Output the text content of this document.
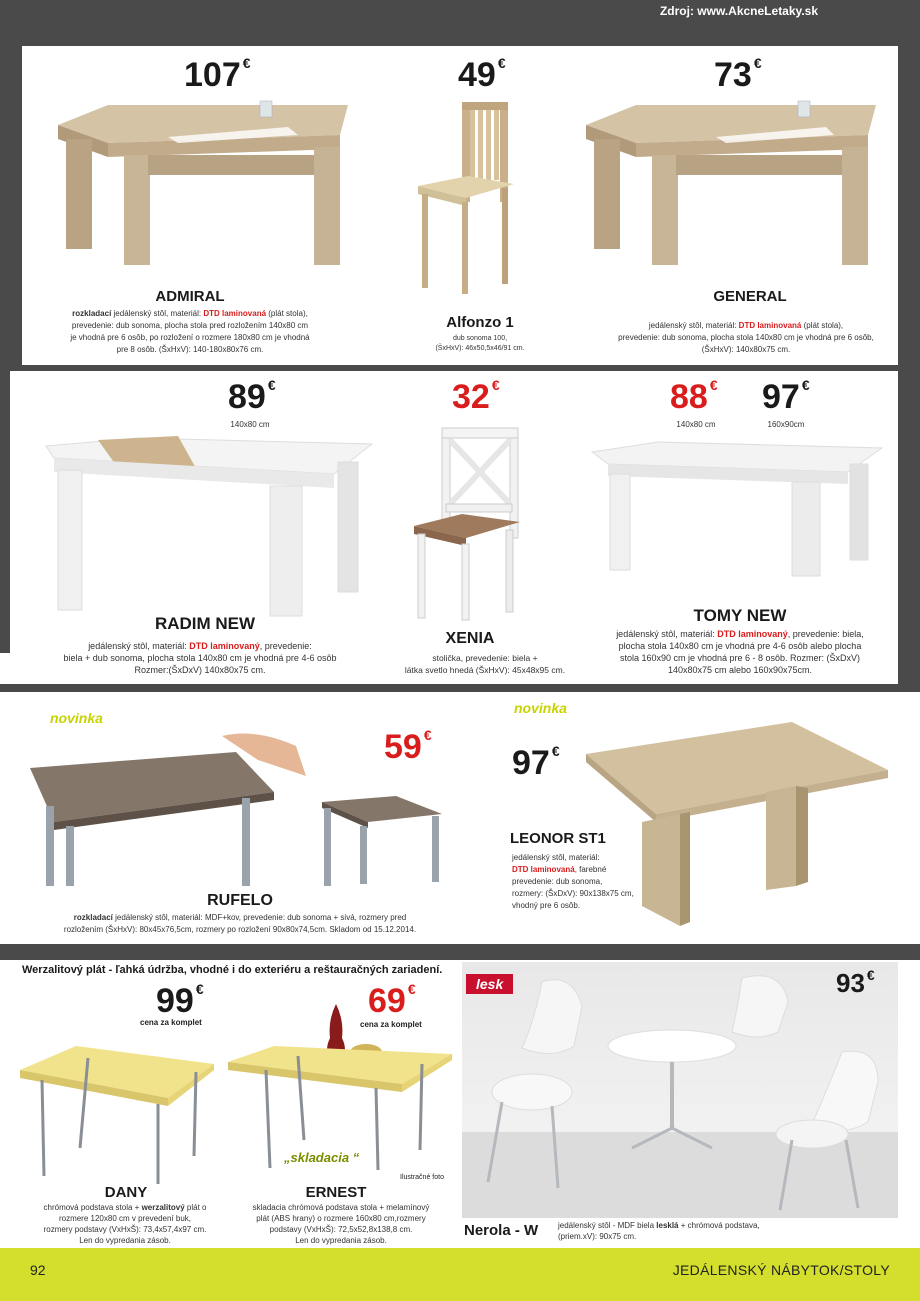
Zdroj: www.AkcneLetaky.sk
107 €
ADMIRAL
rozkladací jedálenský stôl, materiál: DTD laminovaná (plát stola),
prevedenie: dub sonoma, plocha stola pred rozložením 140x80 cm
je vhodná pre 6 osôb, po rozložení o rozmere 180x80 cm je vhodná
pre 8 osôb. (ŠxHxV): 140-180x80x76 cm.
49 €
Alfonzo 1
dub sonoma 100,
(ŠxHxV): 46x50,5x46/91 cm.
73 €
GENERAL
jedálenský stôl, materiál: DTD laminovaná (plát stola),
prevedenie: dub sonoma, plocha stola 140x80 cm je vhodná pre 6 osôb,
(ŠxHxV): 140x80x75 cm.
89 €
140x80 cm
RADIM NEW
jedálenský stôl, materiál: DTD laminovaný, prevedenie:
biela + dub sonoma, plocha stola 140x80 cm je vhodná pre 4-6 osôb
Rozmer:(ŠxDxV) 140x80x75 cm.
32 €
XENIA
stolička, prevedenie: biela +
látka svetlo hnedá (ŠxHxV): 45x48x95 cm.
88 €
140x80 cm
97 €
160x90cm
TOMY NEW
jedálenský stôl, materiál: DTD laminovaný, prevedenie: biela,
plocha stola 140x80 cm je vhodná pre 4-6 osôb alebo plocha
stola 160x90 cm je vhodná pre 6 - 8 osôb. Rozmer: (ŠxDxV)
140x80x75 cm alebo 160x90x75cm.
novinka
59 €
RUFELO
rozkladací jedálenský stôl, materiál: MDF+kov, prevedenie: dub sonoma + sivá, rozmery pred
rozložením (ŠxHxV): 80x45x76,5cm, rozmery po rozložení 90x80x74,5cm. Skladom od 15.12.2014.
novinka
97 €
LEONOR ST1
jedálenský stôl, materiál:
DTD laminovaná, farebné
prevedenie: dub sonoma,
rozmery: (ŠxDxV): 90x138x75 cm,
vhodný pre 6 osôb.
Werzalitový plát - ľahká údržba, vhodné i do exteriéru a reštauračných zariadení.
99 €
cena za komplet
DANY
chrómová podstava stola + werzalitový plát o
rozmere 120x80 cm v prevedení buk,
rozmery podstavy (VxHxŠ): 73,4x57,4x97 cm.
Len do vypredania zásob.
69 €
cena za komplet
„skladacia “
Ilustračné foto
ERNEST
skladacia chrómová podstava stola + melamínový
plát (ABS hrany) o rozmere 160x80 cm,rozmery
podstavy (VxHxŠ): 72,5x52,8x138,8 cm.
Len do vypredania zásob.
lesk	93 €
Nerola - W	jedálenský stôl - MDF biela lesklá + chrómová podstava,
(priem.xV): 90x75 cm.
92	JEDÁLENSKÝ NÁBYTOK/STOLY
